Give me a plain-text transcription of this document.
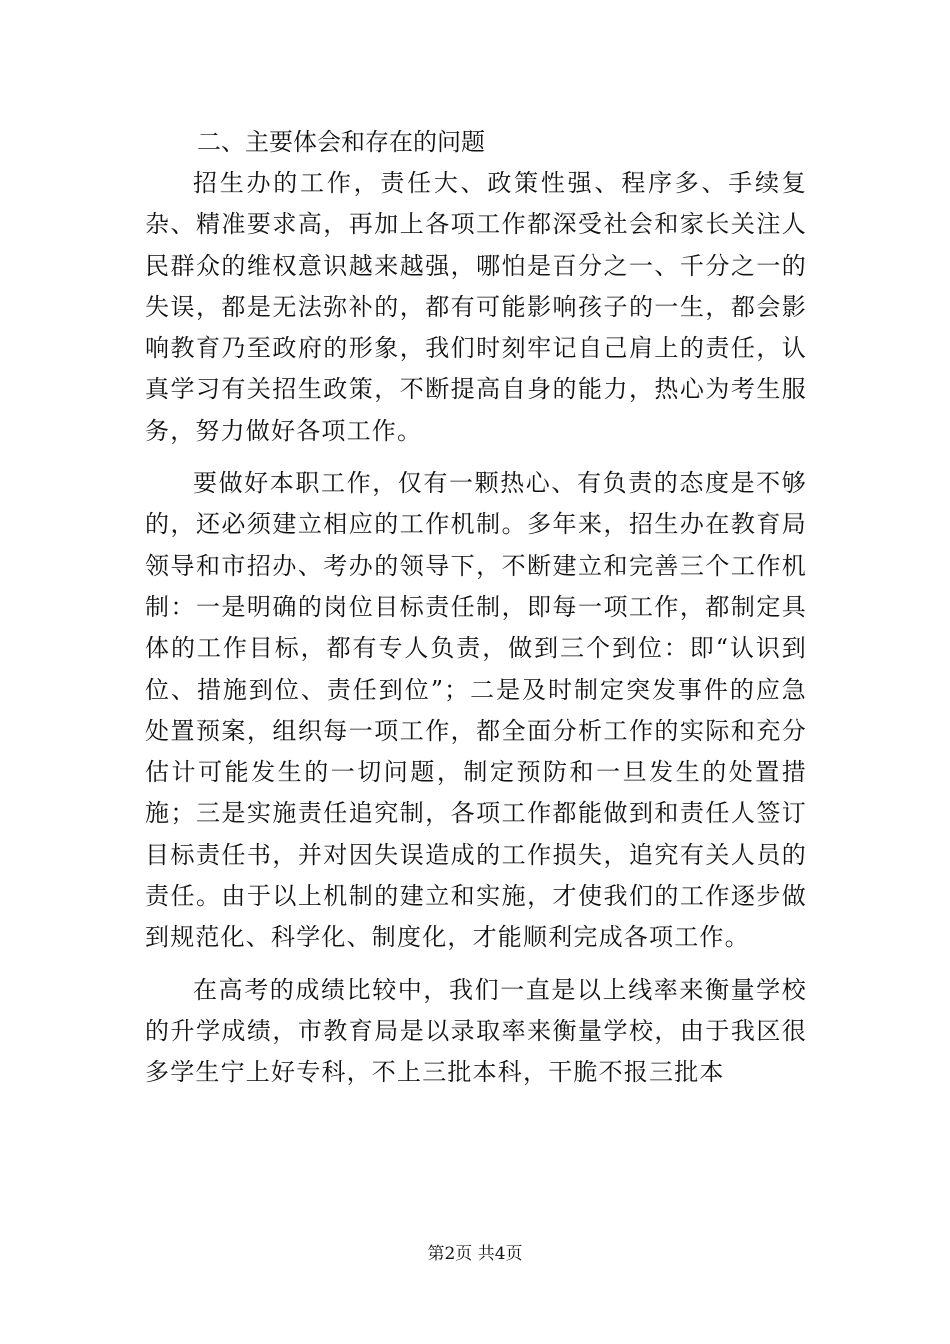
二、主要体会和存在的问题

招生办的工作，责任大、政策性强、程序多、手续复杂、精准要求高，再加上各项工作都深受社会和家长关注人民群众的维权意识越来越强，哪怕是百分之一、千分之一的失误，都是无法弥补的，都有可能影响孩子的一生，都会影响教育乃至政府的形象，我们时刻牢记自己肩上的责任，认真学习有关招生政策，不断提高自身的能力，热心为考生服务，努力做好各项工作。

要做好本职工作，仅有一颗热心、有负责的态度是不够的，还必须建立相应的工作机制。多年来，招生办在教育局领导和市招办、考办的领导下，不断建立和完善三个工作机制：一是明确的岗位目标责任制，即每一项工作，都制定具体的工作目标，都有专人负责，做到三个到位：即“认识到位、措施到位、责任到位”；二是及时制定突发事件的应急处置预案，组织每一项工作，都全面分析工作的实际和充分估计可能发生的一切问题，制定预防和一旦发生的处置措施；三是实施责任追究制，各项工作都能做到和责任人签订目标责任书，并对因失误造成的工作损失，追究有关人员的责任。由于以上机制的建立和实施，才使我们的工作逐步做到规范化、科学化、制度化，才能顺利完成各项工作。

在高考的成绩比较中，我们一直是以上线率来衡量学校的升学成绩，市教育局是以录取率来衡量学校，由于我区很多学生宁上好专科，不上三批本科，干脆不报三批本

第2页 共4页
